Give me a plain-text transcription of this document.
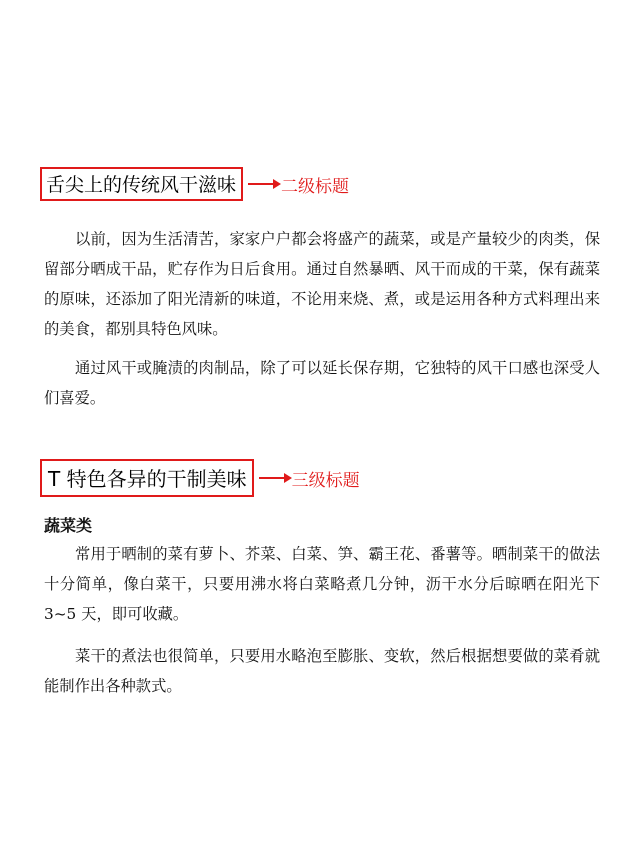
舌尖上的传统风干滋味	二级标题

以前，因为生活清苦，家家户户都会将盛产的蔬菜，或是产量较少的肉类，保留部分晒成干品，贮存作为日后食用。通过自然暴晒、风干而成的干菜，保有蔬菜的原味，还添加了阳光清新的味道，不论用来烧、煮，或是运用各种方式料理出来的美食，都别具特色风味。

通过风干或腌渍的肉制品，除了可以延长保存期，它独特的风干口感也深受人们喜爱。

T 特色各异的干制美味	三级标题

蔬菜类

常用于晒制的菜有萝卜、芥菜、白菜、笋、霸王花、番薯等。晒制菜干的做法十分简单，像白菜干，只要用沸水将白菜略煮几分钟，沥干水分后晾晒在阳光下 3~5 天，即可收藏。

菜干的煮法也很简单，只要用水略泡至膨胀、变软，然后根据想要做的菜肴就能制作出各种款式。
